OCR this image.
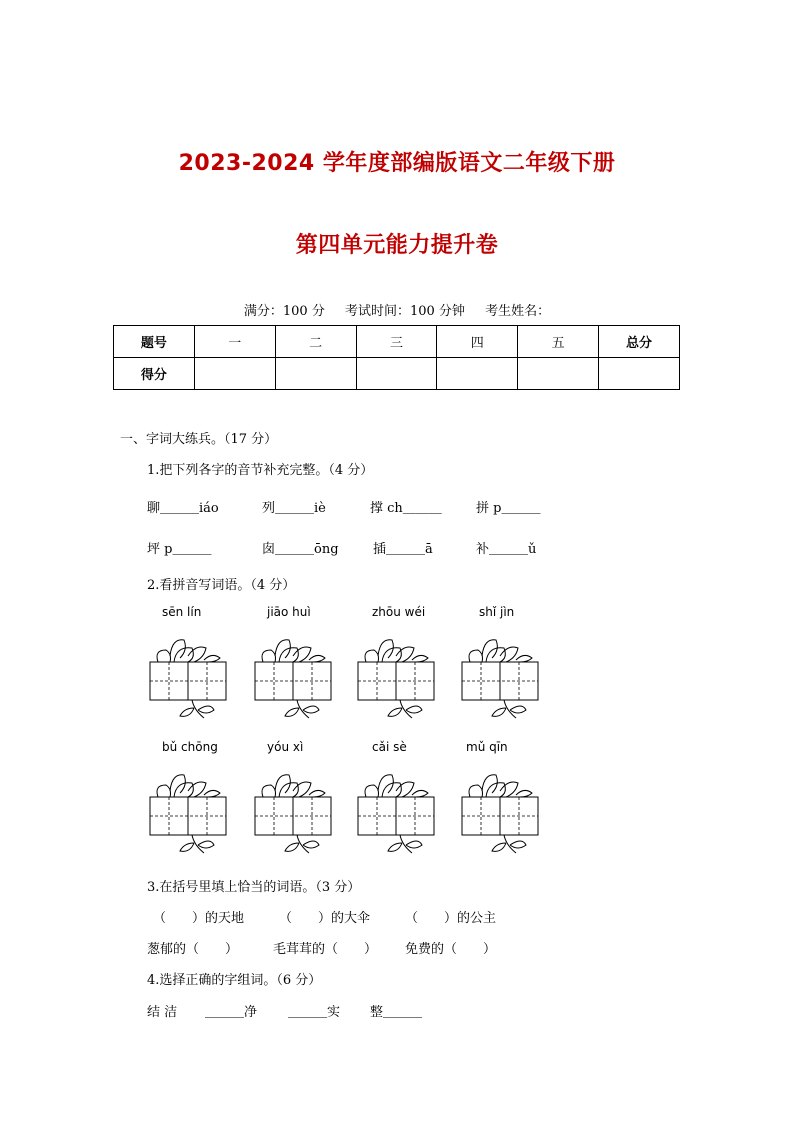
2023-2024 学年度部编版语文二年级下册
第四单元能力提升卷
满分：100 分 考试时间：100 分钟 考生姓名：
题号	一	二	三	四	五	总分
得分						
一、字词大练兵。（17 分）
1.把下列各字的音节补充完整。（4 分）
聊＿＿＿iáo	列＿＿＿iè	撑 ch＿＿＿	拼 p＿＿＿
坪 p＿＿＿	囱＿＿＿ōng	插＿＿＿ā	补＿＿＿ǔ
2.看拼音写词语。（4 分）
sēn lín	jiāo huì	zhōu wéi	shǐ jìn
bǔ chōng	yóu xì	cǎi sè	mǔ qīn
3.在括号里填上恰当的词语。（3 分）
（　　）的天地	（　　）的大伞	（　　）的公主
葱郁的（　　）	毛茸茸的（　　） 免费的（　　）
4.选择正确的字组词。（6 分）
结 洁 ＿＿＿净 ＿＿＿实 整＿＿＿
